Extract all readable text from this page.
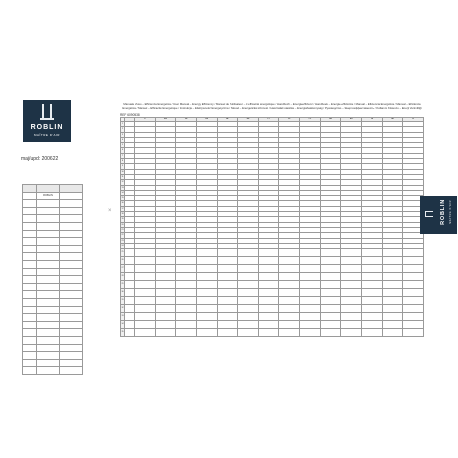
ROBLIN
MAÎTRE D'AIR
maj/upd: 200622

	ROBLIN	

×
Manuale d'uso – Efficienza Energetica / User Manual – Energy Efficiency / Manuel de l'utilisateur – L'efficacité énergétique / Handbuch – Energieeffizienz / Handboek – Energie-efficiëntie / Manual – Eficiencia Energética / Manual – Eficiência Energética / Manuel – Efficacité Energetique / Instrukcja – Efektywność Energetyczna / Návod – Energetická účinnost / Használati utasítás – Energiahatékonyság / Руководство – Энергоэффективность / Kullanım Kılavuzu – Enerji Verimliliği
REF 6090538
		IT	EN	FR	DE	NL	ES	PT	PL	CZ	HU	RU	TR	SE	FI
1															
2															
3															
4															
5															
6															
7															
8															
9															
10															
11															
12															
13															
14															
15															
16															
17															
18															
19															
20															
21															
22															
23															
24															
25															
26															
27															
28															
29															
30															
31															
32															
33															
34															
35															
ROBLIN MAÎTRE D'AIR
